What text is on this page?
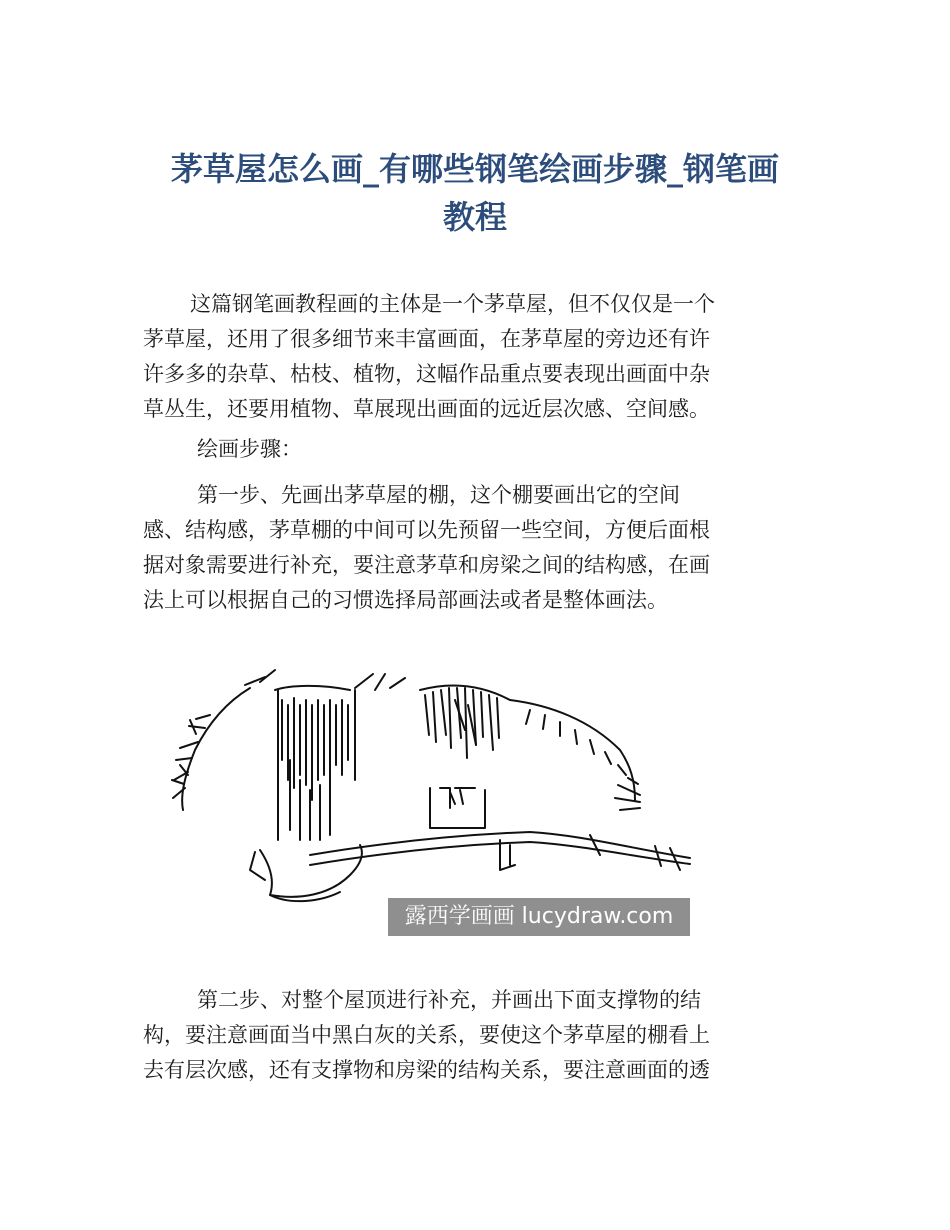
茅草屋怎么画_有哪些钢笔绘画步骤_钢笔画
教程
这篇钢笔画教程画的主体是一个茅草屋，但不仅仅是一个
茅草屋，还用了很多细节来丰富画面，在茅草屋的旁边还有许
许多多的杂草、枯枝、植物，这幅作品重点要表现出画面中杂
草丛生，还要用植物、草展现出画面的远近层次感、空间感。
绘画步骤：
第一步、先画出茅草屋的棚，这个棚要画出它的空间
感、结构感，茅草棚的中间可以先预留一些空间，方便后面根
据对象需要进行补充，要注意茅草和房梁之间的结构感，在画
法上可以根据自己的习惯选择局部画法或者是整体画法。
露西学画画 lucydraw.com
第二步、对整个屋顶进行补充，并画出下面支撑物的结
构，要注意画面当中黑白灰的关系，要使这个茅草屋的棚看上
去有层次感，还有支撑物和房梁的结构关系，要注意画面的透
